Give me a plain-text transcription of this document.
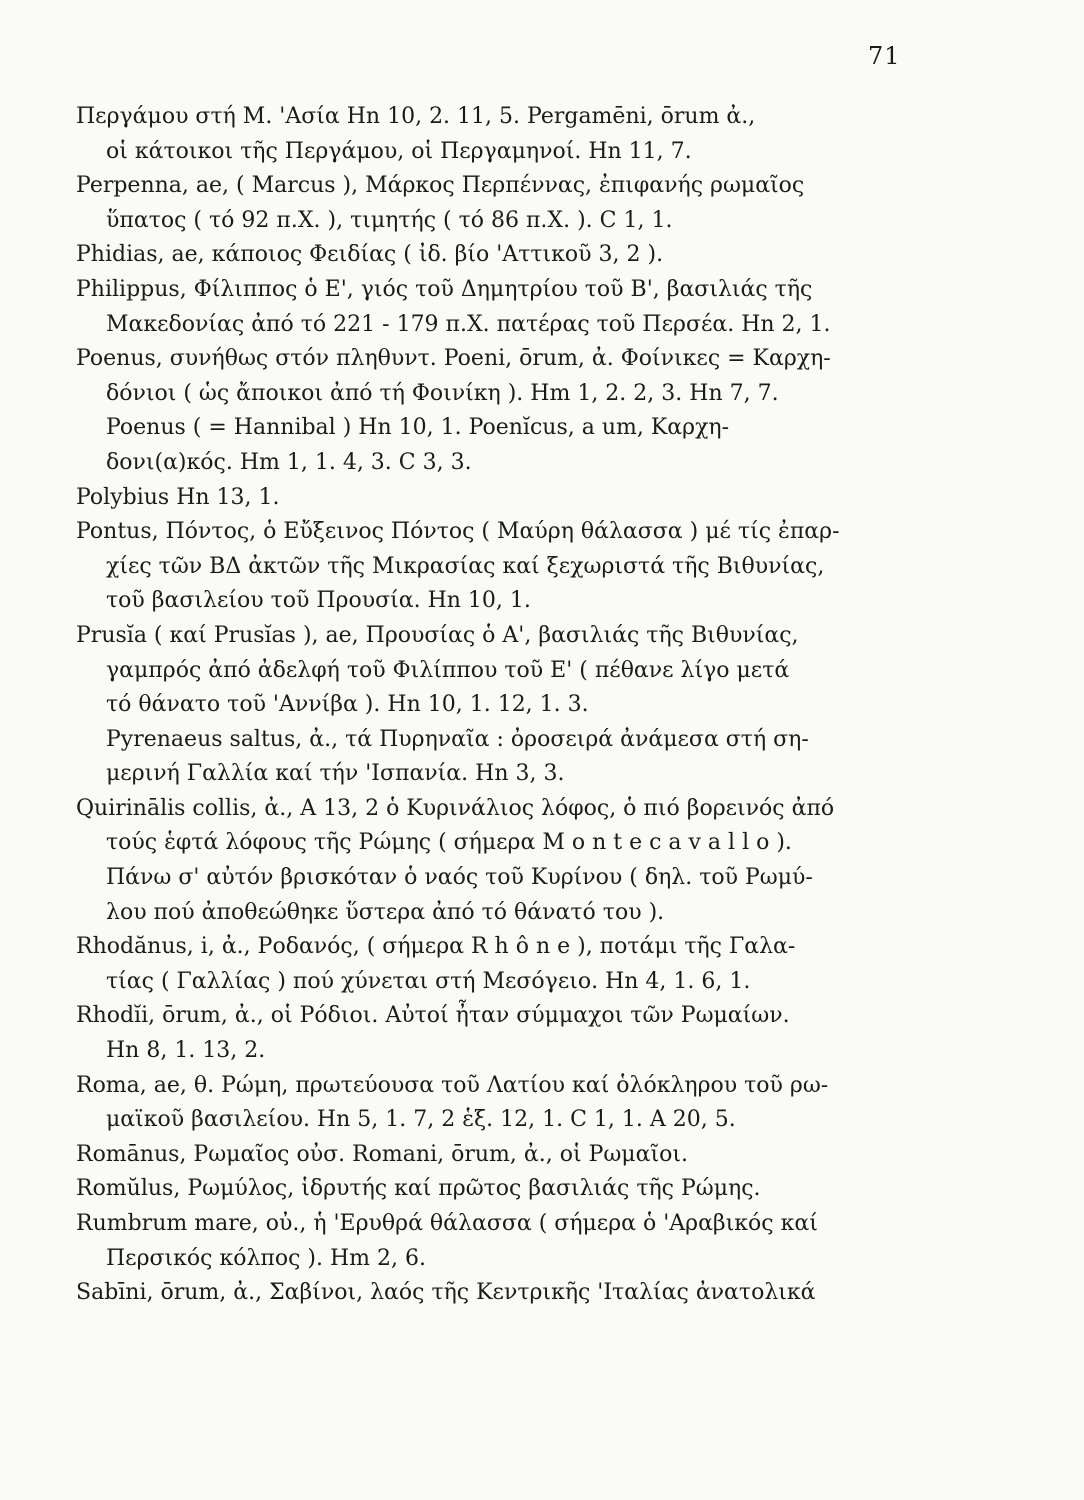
71
Περγάμου στή Μ. 'Ασία Hn 10, 2. 11, 5. Pergamēni, ōrum ἀ.,
οἱ κάτοικοι τῆς Περγάμου, οἱ Περγαμηνοί. Hn 11, 7.
Perpenna, ae, ( Marcus ), Μάρκος Περπέννας, ἐπιφανής ρωμαῖος
ὕπατος ( τό 92 π.Χ. ), τιμητής ( τό 86 π.Χ. ). C 1, 1.
Phidias, ae, κάποιος Φειδίας ( ἰδ. βίο 'Αττικοῦ 3, 2 ).
Philippus, Φίλιππος ὁ Ε', γιός τοῦ Δημητρίου τοῦ Β', βασιλιάς τῆς
Μακεδονίας ἀπό τό 221 - 179 π.Χ. πατέρας τοῦ Περσέα. Hn 2, 1.
Poenus, συνήθως στόν πληθυντ. Poeni, ōrum, ἀ. Φοίνικες = Καρχη-
δόνιοι ( ὡς ἄποικοι ἀπό τή Φοινίκη ). Hm 1, 2. 2, 3. Hn 7, 7.
Poenus ( = Hannibal ) Hn 10, 1. Poenĭcus, a um, Καρχη-
δονι(α)κός. Hm 1, 1. 4, 3. C 3, 3.
Polybius Hn 13, 1.
Pontus, Πόντος, ὁ Εὔξεινος Πόντος ( Μαύρη θάλασσα ) μέ τίς ἐπαρ-
χίες τῶν ΒΔ ἀκτῶν τῆς Μικρασίας καί ξεχωριστά τῆς Βιθυνίας,
τοῦ βασιλείου τοῦ Προυσία. Hn 10, 1.
Prusĭa ( καί Prusĭas ), ae, Προυσίας ὁ Α', βασιλιάς τῆς Βιθυνίας,
γαμπρός ἀπό ἀδελφή τοῦ Φιλίππου τοῦ Ε' ( πέθανε λίγο μετά
τό θάνατο τοῦ 'Αννίβα ). Hn 10, 1. 12, 1. 3.
Pyrenaeus saltus, ἀ., τά Πυρηναῖα : ὀροσειρά ἀνάμεσα στή ση-
μερινή Γαλλία καί τήν 'Ισπανία. Hn 3, 3.
Quirinālis collis, ἀ., A 13, 2 ὁ Κυρινάλιος λόφος, ὁ πιό βορεινός ἀπό
τούς ἑφτά λόφους τῆς Ρώμης ( σήμερα M o n t e c a v a l l o ).
Πάνω σ' αὐτόν βρισκόταν ὁ ναός τοῦ Κυρίνου ( δηλ. τοῦ Ρωμύ-
λου πού ἀποθεώθηκε ὕστερα ἀπό τό θάνατό του ).
Rhodănus, i, ἀ., Ροδανός, ( σήμερα R h ô n e ), ποτάμι τῆς Γαλα-
τίας ( Γαλλίας ) πού χύνεται στή Μεσόγειο. Hn 4, 1. 6, 1.
Rhodĭi, ōrum, ἀ., οἱ Ρόδιοι. Αὐτοί ἦταν σύμμαχοι τῶν Ρωμαίων.
Hn 8, 1. 13, 2.
Roma, ae, θ. Ρώμη, πρωτεύουσα τοῦ Λατίου καί ὁλόκληρου τοῦ ρω-
μαϊκοῦ βασιλείου. Hn 5, 1. 7, 2 ἑξ. 12, 1. C 1, 1. A 20, 5.
Romānus, Ρωμαῖος οὐσ. Romani, ōrum, ἀ., οἱ Ρωμαῖοι.
Romŭlus, Ρωμύλος, ἱδρυτής καί πρῶτος βασιλιάς τῆς Ρώμης.
Rumbrum mare, οὐ., ἡ 'Ερυθρά θάλασσα ( σήμερα ὁ 'Αραβικός καί
Περσικός κόλπος ). Hm 2, 6.
Sabīni, ōrum, ἀ., Σαβίνοι, λαός τῆς Κεντρικῆς 'Ιταλίας ἀνατολικά
